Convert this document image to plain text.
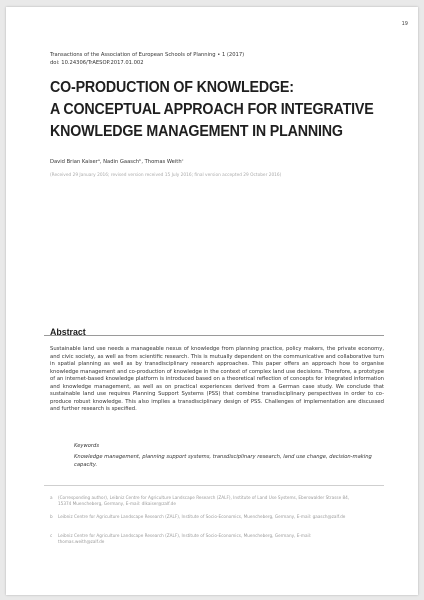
19
Transactions of the Association of European Schools of Planning • 1 (2017)
doi: 10.24306/TrAESOP.2017.01.002
CO-PRODUCTION OF KNOWLEDGE:
A CONCEPTUAL APPROACH FOR INTEGRATIVE
KNOWLEDGE MANAGEMENT IN PLANNING
David Brian Kaiserᵃ, Nadin Gaaschᵇ, Thomas Weithᶜ
(Received 29 January 2016; revised version received 15 July 2016; final version accepted 29 October 2016)
Abstract
Sustainable land use needs a manageable nexus of knowledge from planning practice, policy makers, the private economy, and civic society, as well as from scientific research. This is mutually dependent on the communicative and collaborative turn in spatial planning as well as by transdisciplinary research approaches. This paper offers an approach how to organise knowledge management and co-production of knowledge in the context of complex land use decisions. Therefore, a prototype of an internet-based knowledge platform is introduced based on a theoretical reflection of concepts for integrated information and knowledge management, as well as on practical experiences derived from a German case study. We conclude that sustainable land use requires Planning Support Systems (PSS) that combine transdisciplinary perspectives in order to co-produce robust knowledge. This also implies a transdisciplinary design of PSS. Challenges of implementation are discussed and further research is specified.
Keywords
Knowledge management, planning support systems, transdisciplinary research, land use change, decision-making capacity.
a (Corresponding author), Leibniz Centre for Agriculture Landscape Research (ZALF), Institute of Land Use Systems, Eberswalder Strasse 84, 15374 Muencheberg, Germany, E-mail: dlkaiser@zalf.de
b Leibniz Centre for Agriculture Landscape Research (ZALF), Institute of Socio-Economics, Muencheberg, Germany, E-mail: gaasch@zalf.de
c Leibniz Centre for Agriculture Landscape Research (ZALF), Institute of Socio-Economics, Muencheberg, Germany, E-mail: thomas.weith@zalf.de
